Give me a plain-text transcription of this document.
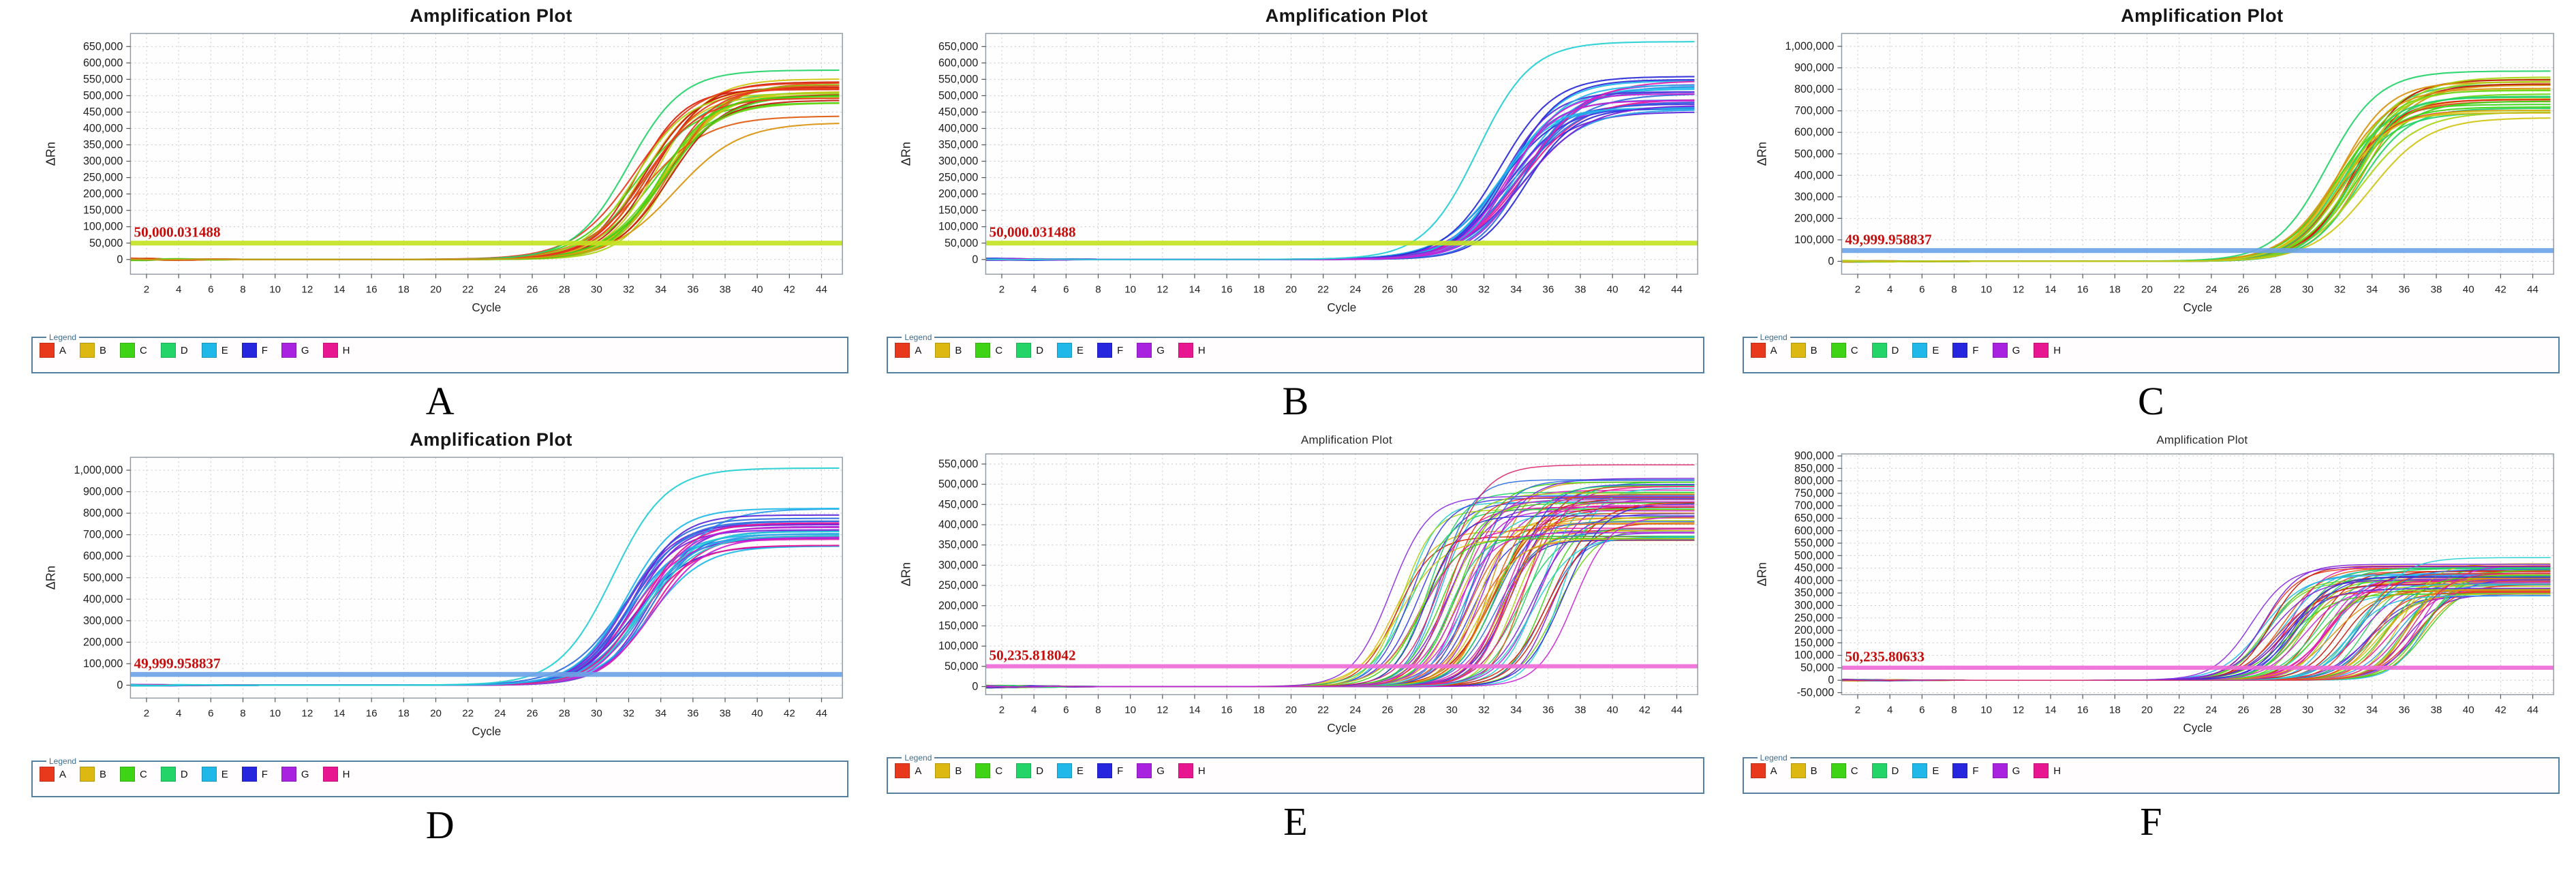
Amplification Plot
0
50,000
100,000
150,000
200,000
250,000
300,000
350,000
400,000
450,000
500,000
550,000
600,000
650,000
2	4	6	8 10 12 14 16 18 20 22 24 26 28 30 32 34 36 38 40 42 44
Cycle
ΔRn
50,000.031488
Legend
A	B	C	D	E	F	G	H
A
Amplification Plot
0
50,000
100,000
150,000
200,000
250,000
300,000
350,000
400,000
450,000
500,000
550,000
600,000
650,000
2	4	6	8 10 12 14 16 18 20 22 24 26 28 30 32 34 36 38 40 42 44
Cycle
ΔRn
50,000.031488
Legend
A	B	C	D	E	F	G	H
B
Amplification Plot
0
100,000
200,000
300,000
400,000
500,000
600,000
700,000
800,000
900,000
1,000,000
2	4	6	8 10 12 14 16 18 20 22 24 26 28 30 32 34 36 38 40 42 44
Cycle
ΔRn
49,999.958837
Legend
A	B	C	D	E	F	G	H
C
Amplification Plot
0
100,000
200,000
300,000
400,000
500,000
600,000
700,000
800,000
900,000
1,000,000
2	4	6	8 10 12 14 16 18 20 22 24 26 28 30 32 34 36 38 40 42 44
Cycle
ΔRn
49,999.958837
Legend
A	B	C	D	E	F	G	H
D
Amplification Plot
0
50,000
100,000
150,000
200,000
250,000
300,000
350,000
400,000
450,000
500,000
550,000
2	4	6	8 10 12 14 16 18 20 22 24 26 28 30 32 34 36 38 40 42 44
Cycle
ΔRn
50,235.818042
Legend
A	B	C	D	E	F	G	H
E
Amplification Plot
-50,000
0
50,000
100,000
150,000
200,000
250,000
300,000
350,000
400,000
450,000
500,000
550,000
600,000
650,000
700,000
750,000
800,000
850,000
900,000
2	4	6	8 10 12 14 16 18 20 22 24 26 28 30 32 34 36 38 40 42 44
Cycle
ΔRn
50,235.80633
Legend
A	B	C	D	E	F	G	H
F
